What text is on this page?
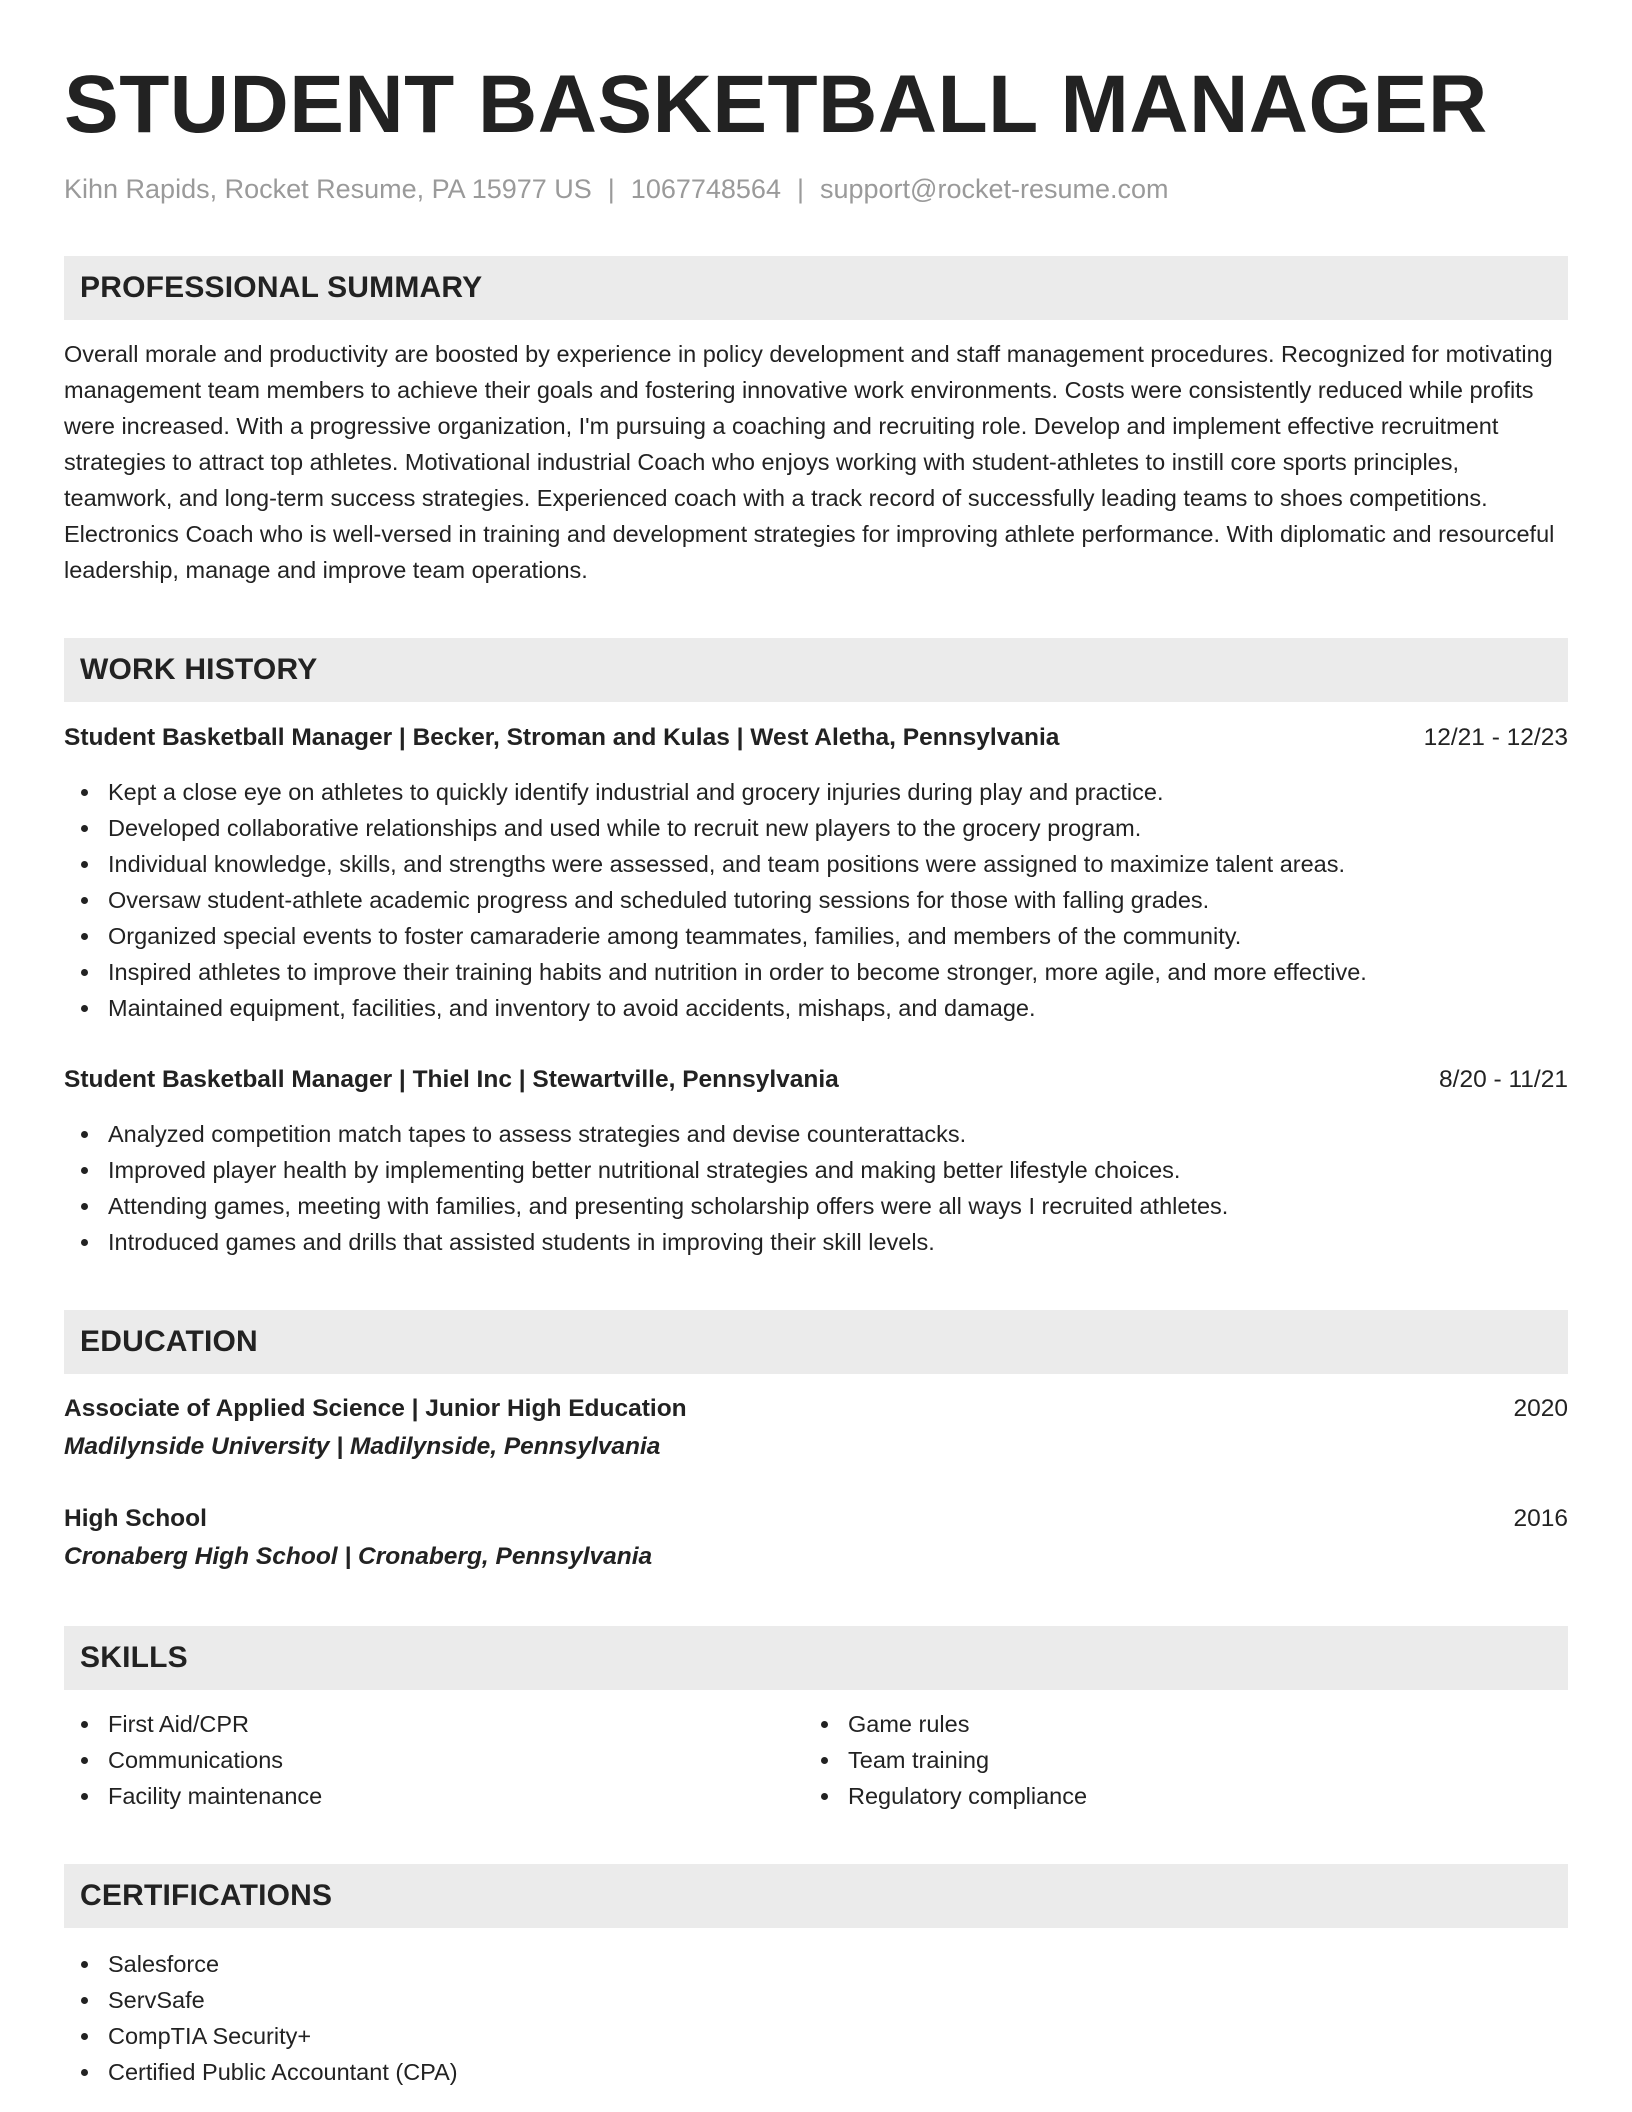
STUDENT BASKETBALL MANAGER
Kihn Rapids, Rocket Resume, PA 15977 US | 1067748564 | support@rocket-resume.com
PROFESSIONAL SUMMARY

Overall morale and productivity are boosted by experience in policy development and staff management procedures. Recognized for motivating management team members to achieve their goals and fostering innovative work environments. Costs were consistently reduced while profits were increased. With a progressive organization, I'm pursuing a coaching and recruiting role. Develop and implement effective recruitment strategies to attract top athletes. Motivational industrial Coach who enjoys working with student-athletes to instill core sports principles, teamwork, and long-term success strategies. Experienced coach with a track record of successfully leading teams to shoes competitions. Electronics Coach who is well-versed in training and development strategies for improving athlete performance. With diplomatic and resourceful leadership, manage and improve team operations.

WORK HISTORY
Student Basketball Manager | Becker, Stroman and Kulas | West Aletha, Pennsylvania	12/21 - 12/23
Kept a close eye on athletes to quickly identify industrial and grocery injuries during play and practice.
Developed collaborative relationships and used while to recruit new players to the grocery program.
Individual knowledge, skills, and strengths were assessed, and team positions were assigned to maximize talent areas.
Oversaw student-athlete academic progress and scheduled tutoring sessions for those with falling grades.
Organized special events to foster camaraderie among teammates, families, and members of the community.
Inspired athletes to improve their training habits and nutrition in order to become stronger, more agile, and more effective.
Maintained equipment, facilities, and inventory to avoid accidents, mishaps, and damage.
Student Basketball Manager | Thiel Inc | Stewartville, Pennsylvania	8/20 - 11/21
Analyzed competition match tapes to assess strategies and devise counterattacks.
Improved player health by implementing better nutritional strategies and making better lifestyle choices.
Attending games, meeting with families, and presenting scholarship offers were all ways I recruited athletes.
Introduced games and drills that assisted students in improving their skill levels.
EDUCATION
Associate of Applied Science | Junior High Education	2020
Madilynside University | Madilynside, Pennsylvania
High School	2016
Cronaberg High School | Cronaberg, Pennsylvania
SKILLS
First Aid/CPR
Communications
Facility maintenance
Game rules
Team training
Regulatory compliance
CERTIFICATIONS
Salesforce
ServSafe
CompTIA Security+
Certified Public Accountant (CPA)
